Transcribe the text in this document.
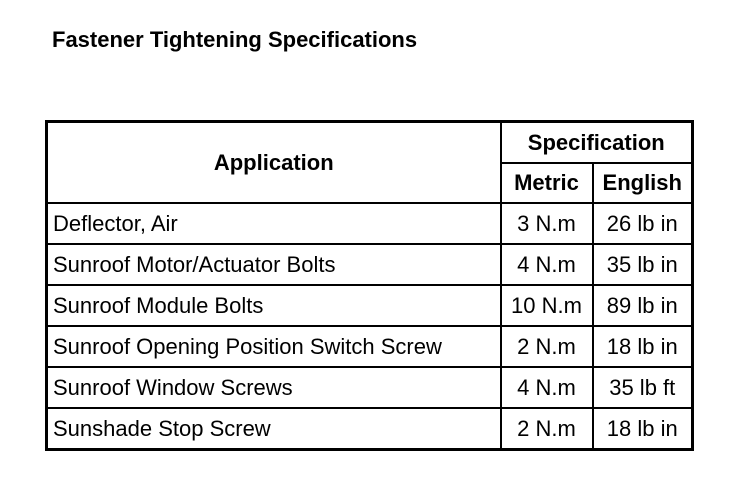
Fastener Tightening Specifications
Application	Specification	
	Metric	English
Deflector, Air	3 N.m	26 lb in
Sunroof Motor/Actuator Bolts	4 N.m	35 lb in
Sunroof Module Bolts	10 N.m	89 lb in
Sunroof Opening Position Switch Screw	2 N.m	18 lb in
Sunroof Window Screws	4 N.m	35 lb ft
Sunshade Stop Screw	2 N.m	18 lb in
